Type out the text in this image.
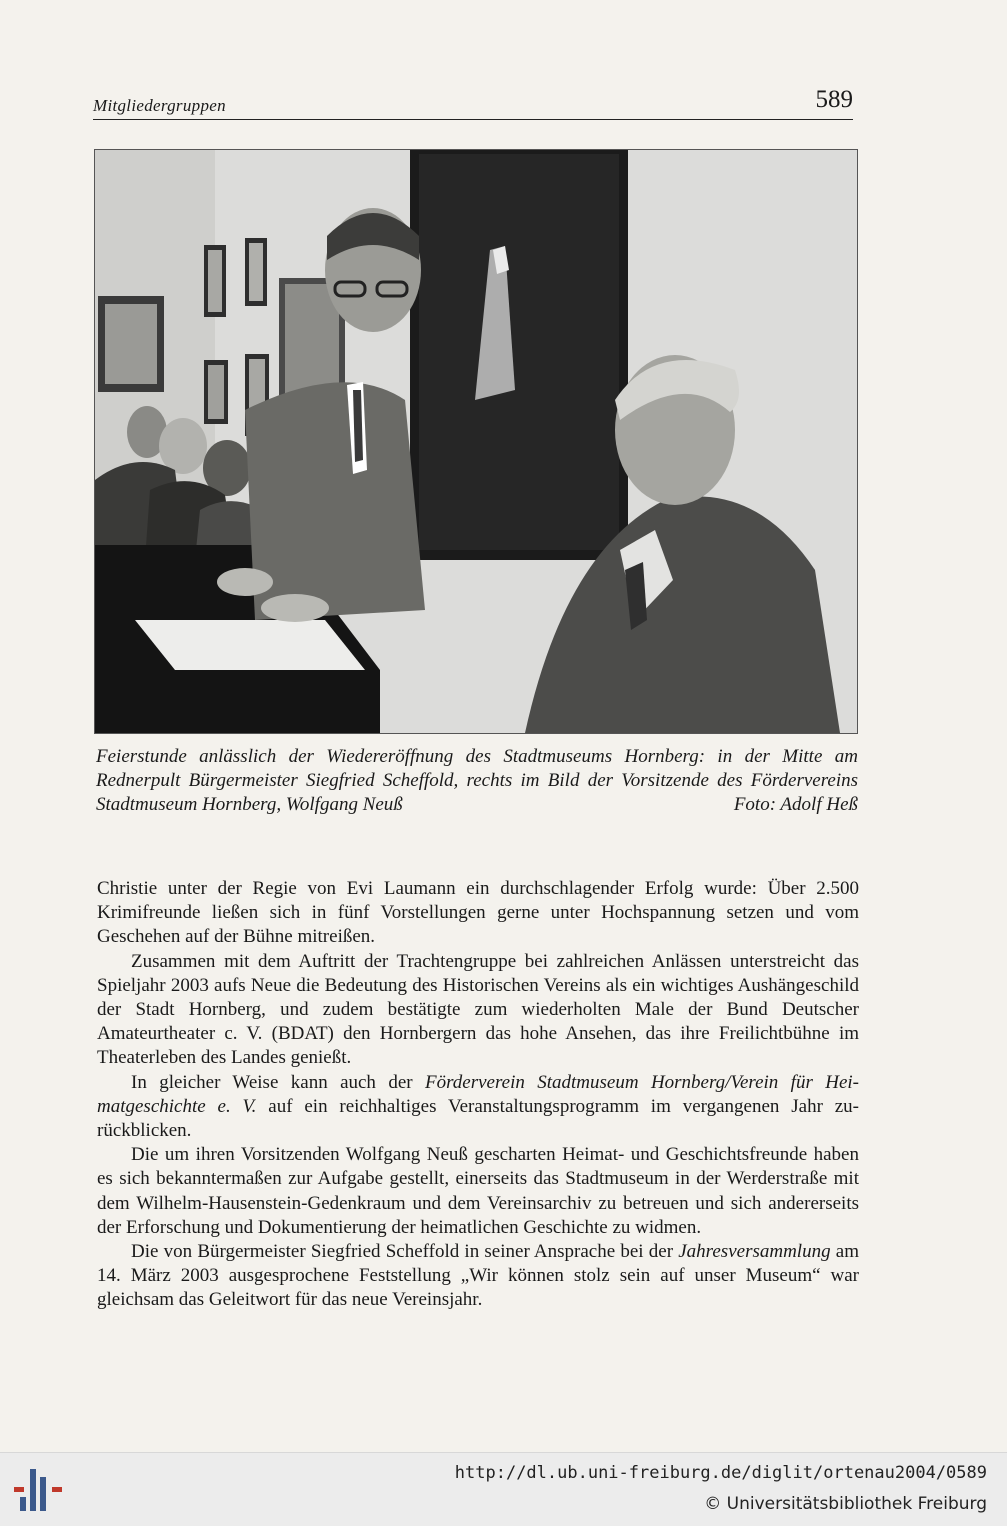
Mitgliedergruppen	589
Feierstunde anlässlich der Wiedereröffnung des Stadtmuseums Hornberg: in der Mitte am Rednerpult Bürgermeister Siegfried Scheffold, rechts im Bild der Vorsitzende des Fördervereins Stadtmuseum Hornberg, Wolfgang Neuß	Foto: Adolf Heß

Christie unter der Regie von Evi Laumann ein durchschlagender Erfolg wurde: Über 2.500 Krimifreunde ließen sich in fünf Vorstellungen gerne unter Hochspannung setzen und vom Geschehen auf der Bühne mitreißen.

Zusammen mit dem Auftritt der Trachtengruppe bei zahlreichen Anlässen unterstreicht das Spieljahr 2003 aufs Neue die Bedeutung des Historischen Vereins als ein wichtiges Aushängeschild der Stadt Hornberg, und zudem bestätigte zum wiederholten Male der Bund Deutscher Amateurtheater c. V. (BDAT) den Hornbergern das hohe Ansehen, das ihre Freilichtbühne im Theaterleben des Landes genießt.

In gleicher Weise kann auch der Förderverein Stadtmuseum Hornberg/Verein für Heimatgeschichte e. V. auf ein reichhaltiges Veranstaltungsprogramm im vergangenen Jahr zurückblicken.

Die um ihren Vorsitzenden Wolfgang Neuß gescharten Heimat- und Geschichtsfreunde haben es sich bekanntermaßen zur Aufgabe gestellt, einerseits das Stadtmuseum in der Werderstraße mit dem Wilhelm-Hausenstein-Gedenkraum und dem Vereinsarchiv zu betreuen und sich andererseits der Erforschung und Dokumentierung der heimatlichen Geschichte zu widmen.

Die von Bürgermeister Siegfried Scheffold in seiner Ansprache bei der Jahresversammlung am 14. März 2003 ausgesprochene Feststellung „Wir können stolz sein auf unser Museum“ war gleichsam das Geleitwort für das neue Vereinsjahr.

http://dl.ub.uni-freiburg.de/diglit/ortenau2004/0589
© Universitätsbibliothek Freiburg
